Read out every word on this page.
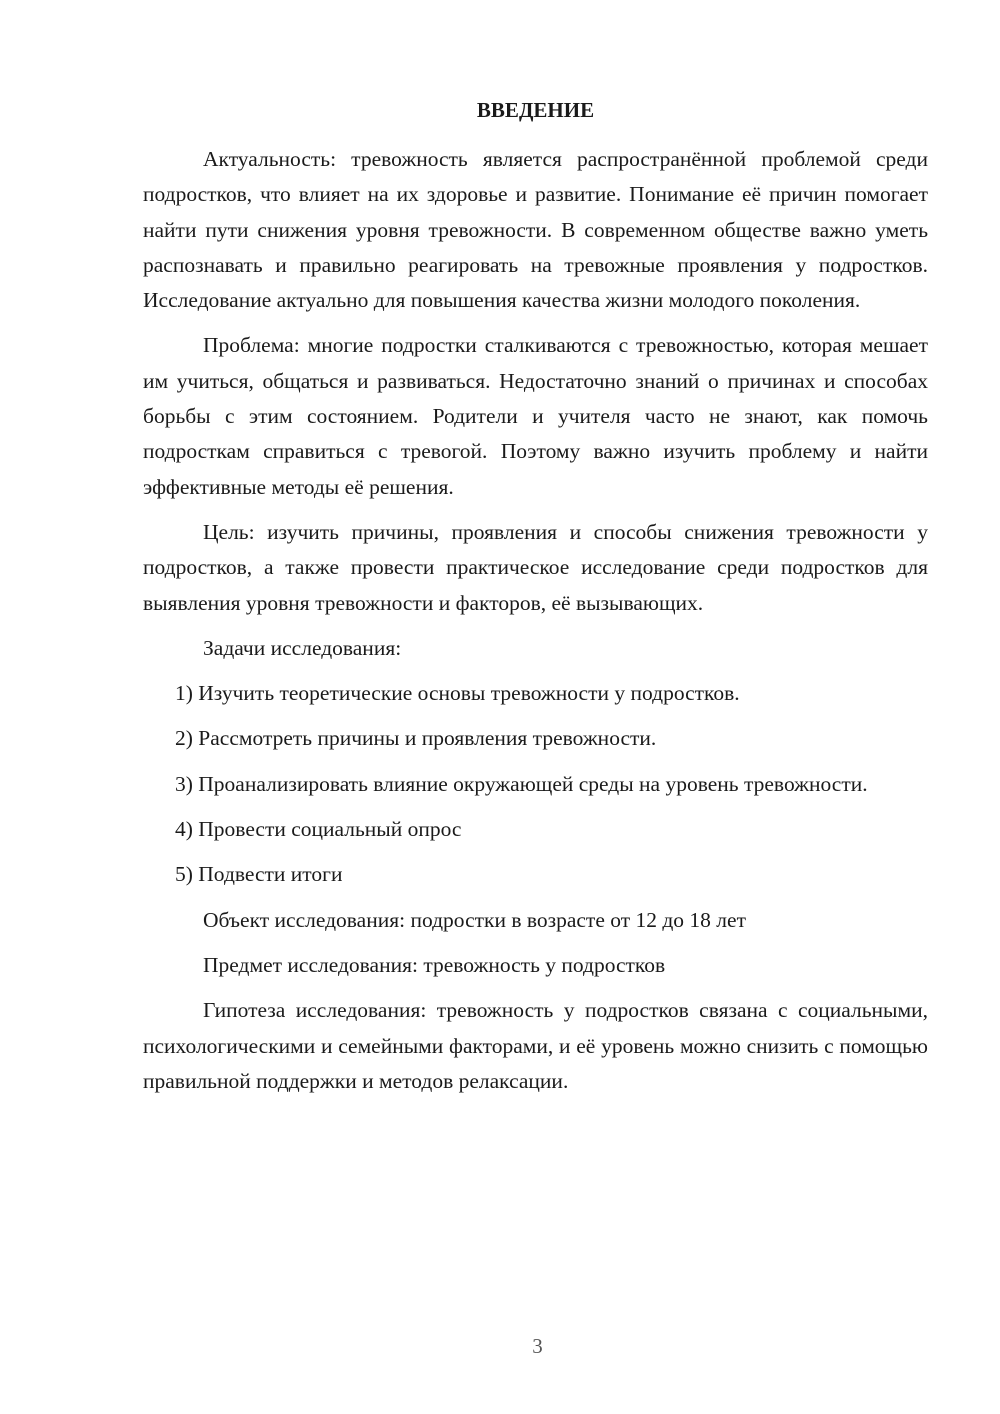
ВВЕДЕНИЕ

Актуальность: тревожность является распространённой проблемой среди подростков, что влияет на их здоровье и развитие. Понимание её причин помогает найти пути снижения уровня тревожности. В современном обществе важно уметь распознавать и правильно реагировать на тревожные проявления у подростков. Исследование актуально для повышения качества жизни молодого поколения.

Проблема: многие подростки сталкиваются с тревожностью, которая мешает им учиться, общаться и развиваться. Недостаточно знаний о причинах и способах борьбы с этим состоянием. Родители и учителя часто не знают, как помочь подросткам справиться с тревогой. Поэтому важно изучить проблему и найти эффективные методы её решения.

Цель: изучить причины, проявления и способы снижения тревожности у подростков, а также провести практическое исследование среди подростков для выявления уровня тревожности и факторов, её вызывающих.

Задачи исследования:

1) Изучить теоретические основы тревожности у подростков.

2) Рассмотреть причины и проявления тревожности.

3) Проанализировать влияние окружающей среды на уровень тревожности.

4) Провести социальный опрос

5) Подвести итоги

Объект исследования: подростки в возрасте от 12 до 18 лет

Предмет исследования: тревожность у подростков

Гипотеза исследования: тревожность у подростков связана с социальными, психологическими и семейными факторами, и её уровень можно снизить с помощью правильной поддержки и методов релаксации.

3
